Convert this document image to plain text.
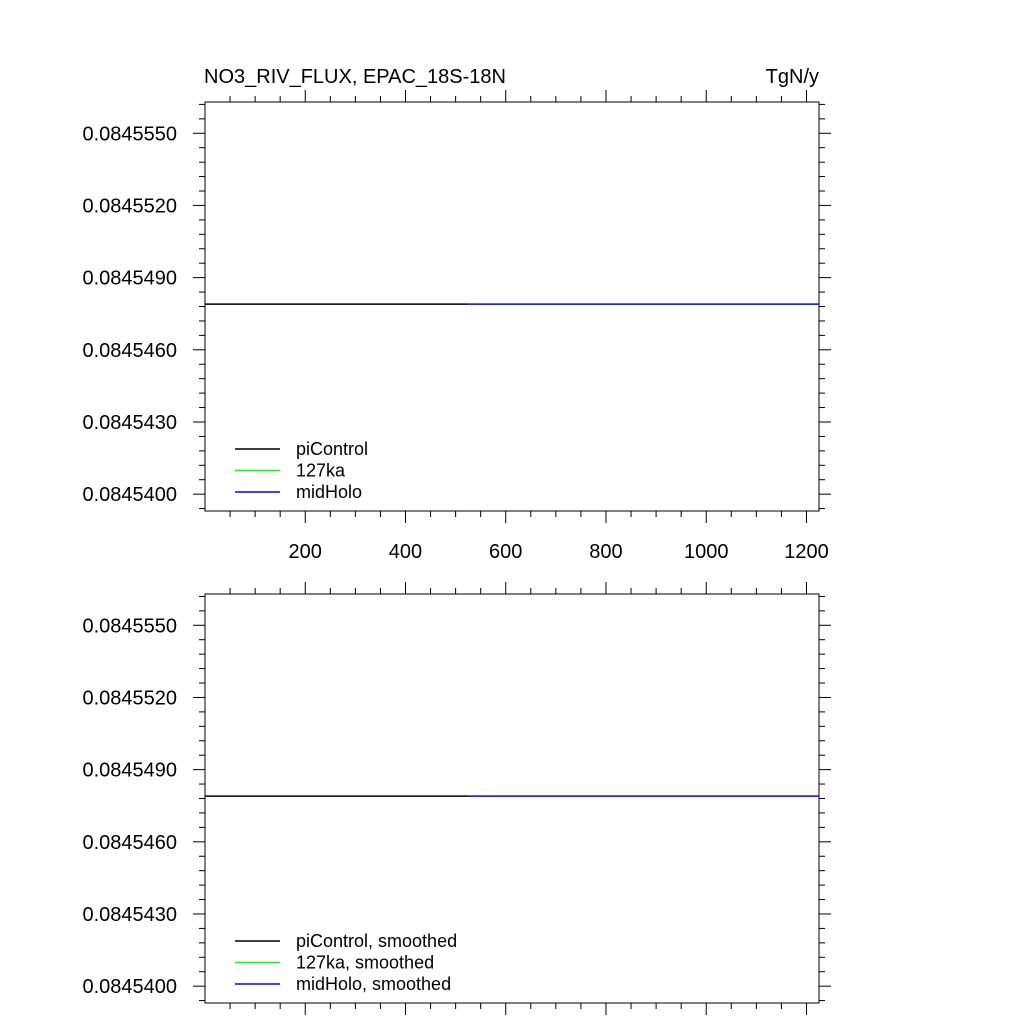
NO3_RIV_FLUX, EPAC_18S-18N	TgN/y
200	400	600	800	1000	1200
0.0845550
0.0845520
0.0845490
0.0845460
0.0845430
0.0845400
piControl
127ka
midHolo
0.0845550
0.0845520
0.0845490
0.0845460
0.0845430
0.0845400
piControl, smoothed
127ka, smoothed
midHolo, smoothed
